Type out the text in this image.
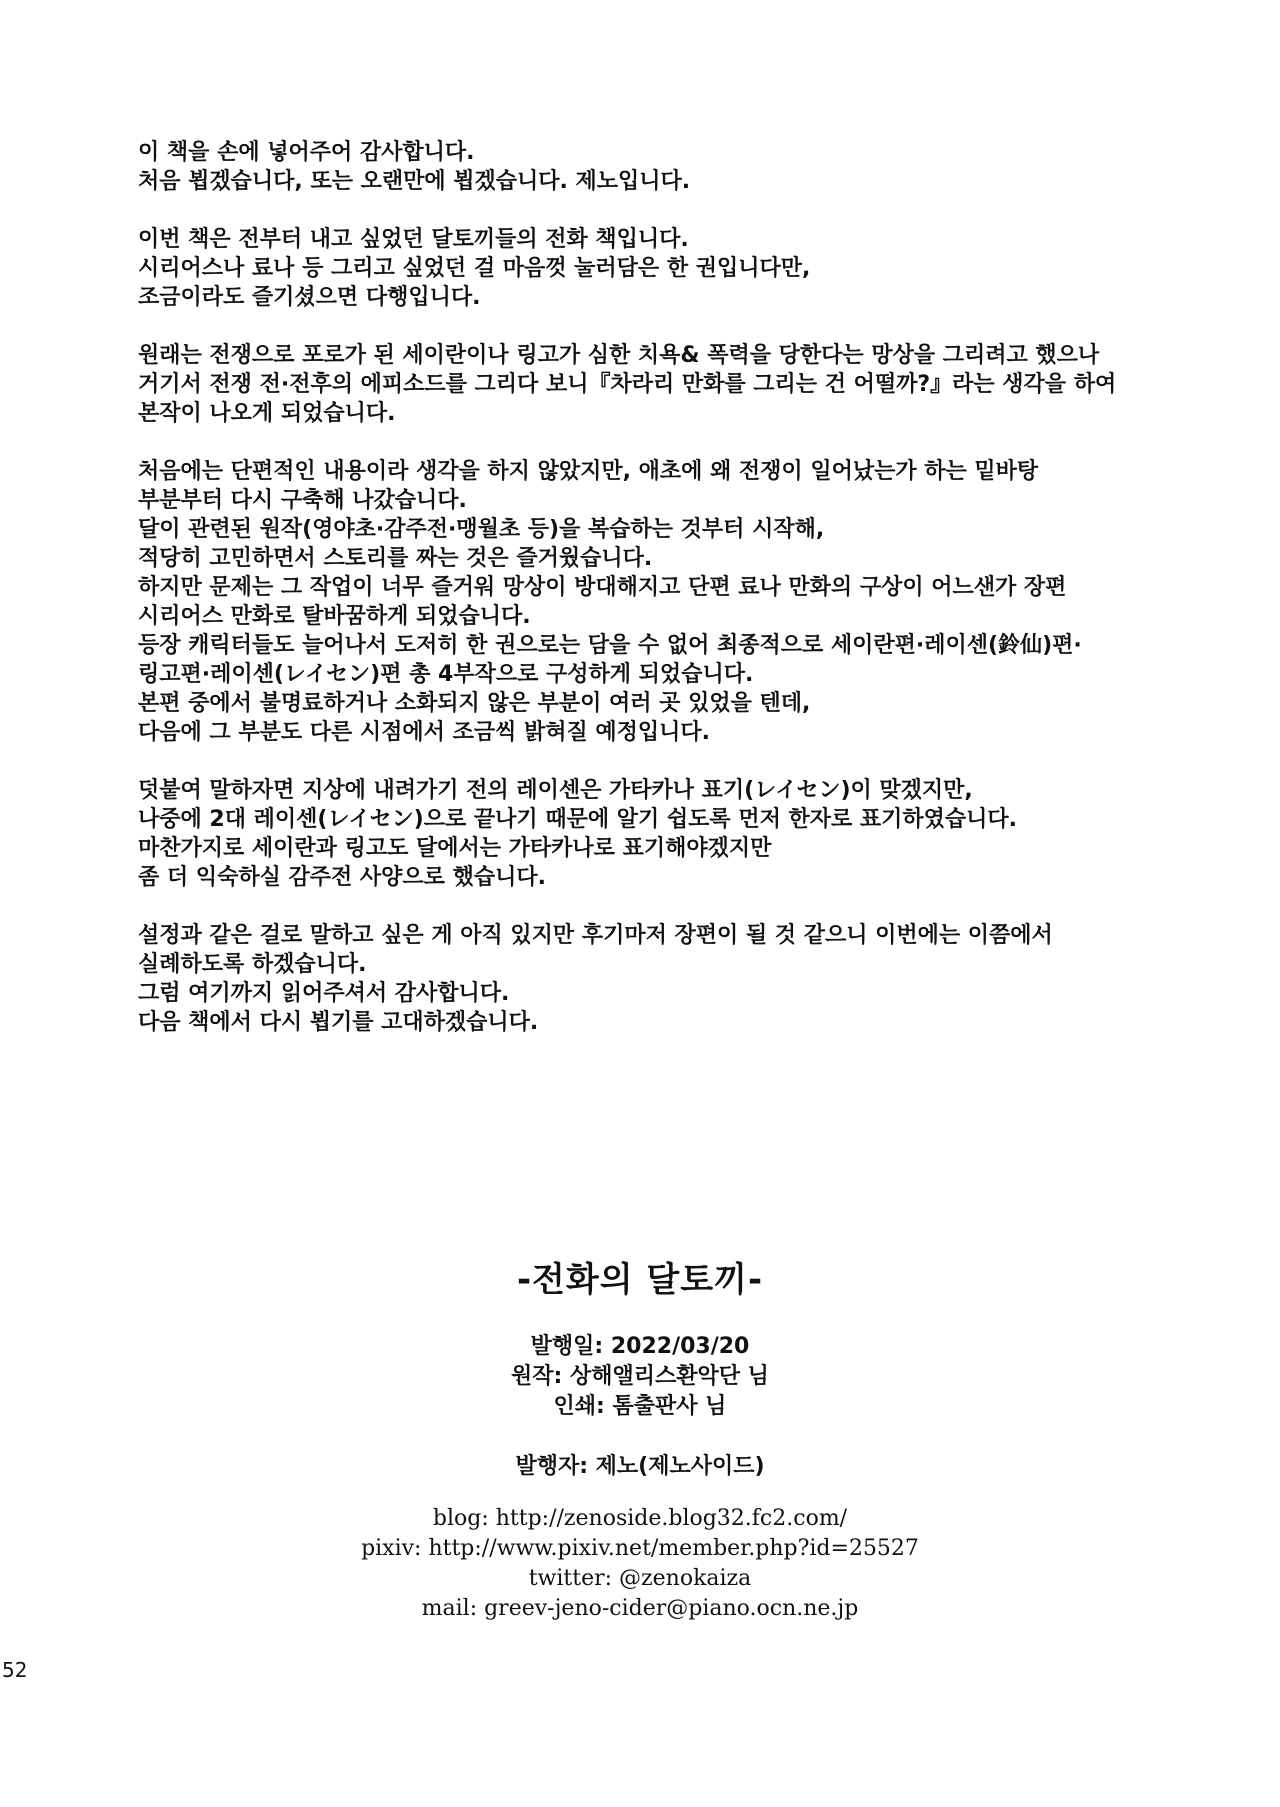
이 책을 손에 넣어주어 감사합니다.
처음 뵙겠습니다, 또는 오랜만에 뵙겠습니다. 제노입니다.

이번 책은 전부터 내고 싶었던 달토끼들의 전화 책입니다.
시리어스나 료나 등 그리고 싶었던 걸 마음껏 눌러담은 한 권입니다만,
조금이라도 즐기셨으면 다행입니다.

원래는 전쟁으로 포로가 된 세이란이나 링고가 심한 치욕& 폭력을 당한다는 망상을 그리려고 했으나
거기서 전쟁 전·전후의 에피소드를 그리다 보니『차라리 만화를 그리는 건 어떨까?』라는 생각을 하여
본작이 나오게 되었습니다.

처음에는 단편적인 내용이라 생각을 하지 않았지만, 애초에 왜 전쟁이 일어났는가 하는 밑바탕
부분부터 다시 구축해 나갔습니다.
달이 관련된 원작(영야초·감주전·맹월초 등)을 복습하는 것부터 시작해,
적당히 고민하면서 스토리를 짜는 것은 즐거웠습니다.
하지만 문제는 그 작업이 너무 즐거워 망상이 방대해지고 단편 료나 만화의 구상이 어느샌가 장편
시리어스 만화로 탈바꿈하게 되었습니다.
등장 캐릭터들도 늘어나서 도저히 한 권으로는 담을 수 없어 최종적으로 세이란편·레이센(鈴仙)편·
링고편·레이센(レイセン)편 총 4부작으로 구성하게 되었습니다.
본편 중에서 불명료하거나 소화되지 않은 부분이 여러 곳 있었을 텐데,
다음에 그 부분도 다른 시점에서 조금씩 밝혀질 예정입니다.

덧붙여 말하자면 지상에 내려가기 전의 레이센은 가타카나 표기(レイセン)이 맞겠지만,
나중에 2대 레이센(レイセン)으로 끝나기 때문에 알기 쉽도록 먼저 한자로 표기하였습니다.
마찬가지로 세이란과 링고도 달에서는 가타카나로 표기해야겠지만
좀 더 익숙하실 감주전 사양으로 했습니다.

설정과 같은 걸로 말하고 싶은 게 아직 있지만 후기마저 장편이 될 것 같으니 이번에는 이쯤에서
실례하도록 하겠습니다.
그럼 여기까지 읽어주셔서 감사합니다.
다음 책에서 다시 뵙기를 고대하겠습니다.

-전화의 달토끼-
발행일: 2022/03/20
원작: 상해앨리스환악단 님
인쇄: 톰출판사 님
발행자: 제노(제노사이드)
blog: http://zenoside.blog32.fc2.com/
pixiv: http://www.pixiv.net/member.php?id=25527
twitter: @zenokaiza
mail: greev-jeno-cider@piano.ocn.ne.jp
52
